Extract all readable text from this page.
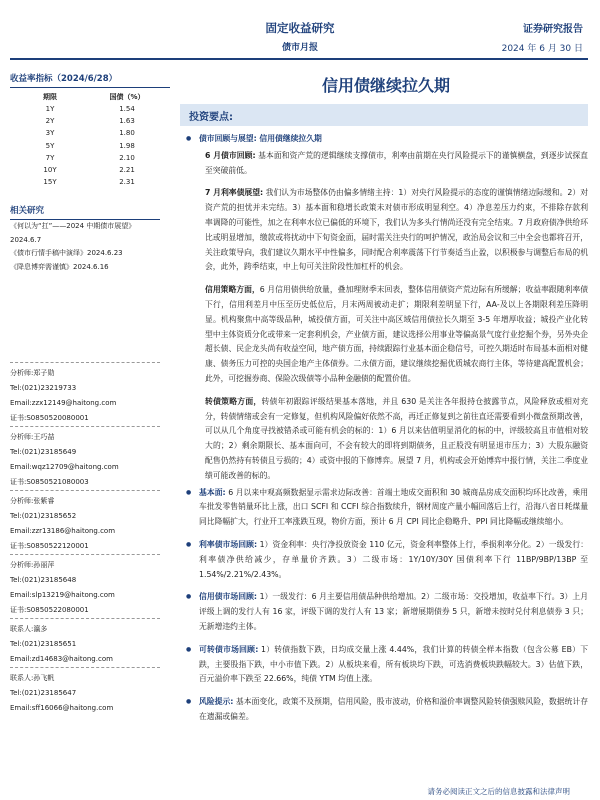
固定收益研究
债市月报
证券研究报告
2024 年 6 月 30 日
收益率指标（2024/6/28）
期限	国债（%）
1Y	1.54
2Y	1.63
3Y	1.80
5Y	1.98
7Y	2.10
10Y	2.21
15Y	2.31
相关研究
《何以为“扛”——2024 中期债市展望》
2024.6.7
《债市行情手稿中演绎》2024.6.23
《降息博弈需谨慎》2024.6.16
分析师:郑子勋
Tel:(021)23219733
Email:zzx12149@haitong.com
证书:S0850520080001
分析师:王巧喆
Tel:(021)23185649
Email:wqz12709@haitong.com
证书:S0850521080003
分析师:张紫睿
Tel:(021)23185652
Email:zzr13186@haitong.com
证书:S0850522120001
分析师:孙丽萍
Tel:(021)23185648
Email:slp13219@haitong.com
证书:S0850522080001
联系人:瀛多
Tel:(021)23185651
Email:zd14683@haitong.com
联系人:孙飞帆
Tel:(021)23185647
Email:sff16066@haitong.com
信用债继续拉久期
投资要点:
● 债市回顾与展望: 信用债继续拉久期
6 月债市回顾: 基本面和资产荒的逻辑继续支撑债市，利率由前期在央行风险提示下的谨慎横盘，到逐步试探直至突破前低。
7 月利率债展望: 我们认为市场整体仍由偏多情绪主持：1）对央行风险提示的态度的谨慎情绪边际缓和。2）对资产荒的担忧并未完结。3）基本面和稳增长政策未对债市形成明显利空。4）净息差压力约束，不排除存款利率调降的可能性，加之在利率水位已偏低的环境下，我们认为多头行情尚还没有完全结束。7 月政府债净供给环比或明显增加，缴款或将扰动中下旬资金面，届时需关注央行的呵护情况，政治局会议和三中全会也都将召开，关注政策导向，我们建议久期水平中性偏多，同时配合利率震荡下行节奏适当止盈，以积极参与调整后布局的机会，此外，跨季结束，中上旬可关注阶段性加杠杆的机会。
信用策略方面，6 月信用债供给放量，叠加理财季末回表，整体信用债资产荒边际有所缓解；收益率跟随利率债下行，信用利差月中压至历史低位后，月末两周被动走扩；期限利差明显下行，AA-及以上各期限利差压降明显。机构聚焦中高等级品种，城投债方面，可关注中高区域信用债拉长久期至 3-5 年增厚收益；城投产业化转型中主体资质分化或带来一定套利机会，产业债方面，建议选择公用事业等偏高景气度行业挖掘个券，另外央企超长债、民企龙头尚有收益空间，地产债方面，持续跟踪行业基本面企稳信号，可控久期适时布局基本面相对健康、债务压力可控的央国企地产主体债券。二永债方面，建议继续挖掘优质城农商行主体，等待建高配置机会；此外，可挖掘券商、保险次级债等小品种金融债的配置价值。
转债策略方面，转债年初跟踪评级结果基本落地，并且 630 是关注各年报持仓披露节点，风险释放或相对充分，转债情绪或会有一定修复，但机构风险偏好依然不高，再迁正修复到之前往直还需要看到小微盘预期改善，可以从几个角度寻找被错杀或可能有机会的标的：1）6 月以来估值明显消化的标的中，评级较高且市值相对较大的；2）剩余期限长、基本面向可，不会有较大的即将到期债务，且正股没有明显退市压力；3）大股东融资配售仍然持有转债且亏损的；4）或资中报的下修博弈。展望 7 月，机构或会开始博弈中报行情，关注二季度业绩可能改善的标的。
● 基本面: 6 月以来中观高频数据显示需求边际改善：首端土地成交面积和 30 城商品房成交面积均环比改善，乘用车批发零售销量环比上涨，出口 SCFI 和 CCFI 综合指数续升，钢材周度产量小幅回落后上行，沿海八省日耗煤量同比降幅扩大，行业开工率涨跌互现，物价方面，预计 6 月 CPI 同比企稳略升、PPI 同比降幅或继续缩小。
● 利率债市场回顾: 1）资金利率：央行净投放资金 110 亿元，资金利率整体上行，季损利率分化。2）一级发行：利率债净供给减少，存单量价齐跌。3）二级市场：1Y/10Y/30Y 国债利率下行 11BP/9BP/13BP 至 1.54%/2.21%/2.43%。
● 信用债市场回顾: 1）一级发行：6 月主要信用债品种供给增加。2）二级市场：交投增加，收益率下行。3）上月评级上调的发行人有 16 家，评级下调的发行人有 13 家；新增展期债券 5 只，新增未按时兑付利息债券 3 只；无新增违约主体。
● 可转债市场回顾: 1）转债指数下跌，日均成交量上涨 4.44%，我们计算的转债全样本指数（包含公募 EB）下跌，主要股指下跌，中小市值下跌。2）从板块来看，所有板块均下跌，可选消费板块跌幅较大。3）估值下跌，百元溢价率下跌至 22.66%，纯债 YTM 均值上涨。
● 风险提示: 基本面变化，政策不及预期，信用风险，股市波动，价格和溢价率调整风险转债强赎风险，数据统计存在遗漏或偏差。
请务必阅读正文之后的信息披露和法律声明
